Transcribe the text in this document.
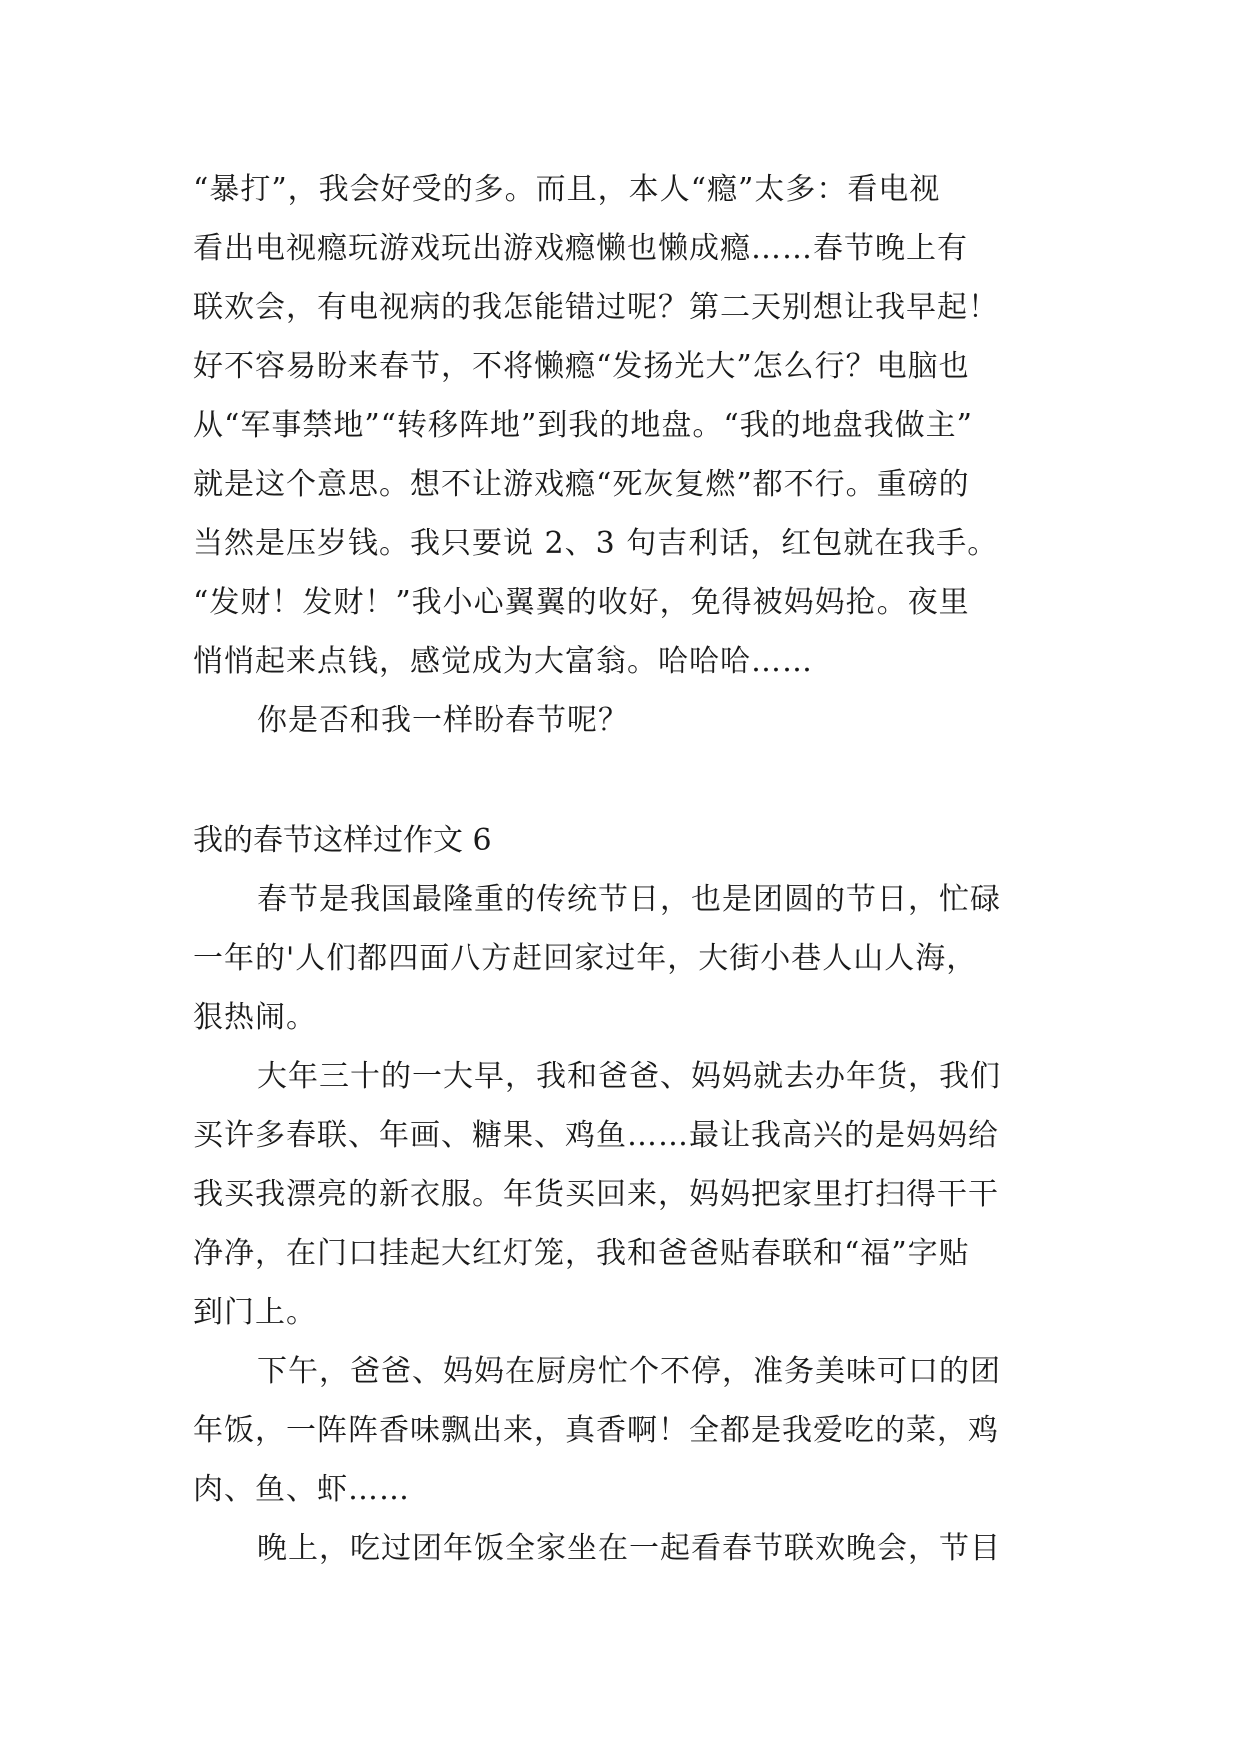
“暴打”，我会好受的多。而且，本人“瘾”太多：看电视
看出电视瘾玩游戏玩出游戏瘾懒也懒成瘾……春节晚上有
联欢会，有电视病的我怎能错过呢？第二天别想让我早起！
好不容易盼来春节，不将懒瘾“发扬光大”怎么行？电脑也
从“军事禁地”“转移阵地”到我的地盘。“我的地盘我做主”
就是这个意思。想不让游戏瘾“死灰复燃”都不行。重磅的
当然是压岁钱。我只要说 2、3 句吉利话，红包就在我手。
“发财！发财！”我小心翼翼的收好，免得被妈妈抢。夜里
悄悄起来点钱，感觉成为大富翁。哈哈哈……
你是否和我一样盼春节呢？
我的春节这样过作文 6
春节是我国最隆重的传统节日，也是团圆的节日，忙碌
一年的'人们都四面八方赶回家过年，大街小巷人山人海，
狠热闹。
大年三十的一大早，我和爸爸、妈妈就去办年货，我们
买许多春联、年画、糖果、鸡鱼……最让我高兴的是妈妈给
我买我漂亮的新衣服。年货买回来，妈妈把家里打扫得干干
净净，在门口挂起大红灯笼，我和爸爸贴春联和“福”字贴
到门上。
下午，爸爸、妈妈在厨房忙个不停，准务美味可口的团
年饭，一阵阵香味飘出来，真香啊！全都是我爱吃的菜，鸡
肉、鱼、虾……
晚上，吃过团年饭全家坐在一起看春节联欢晚会，节目
